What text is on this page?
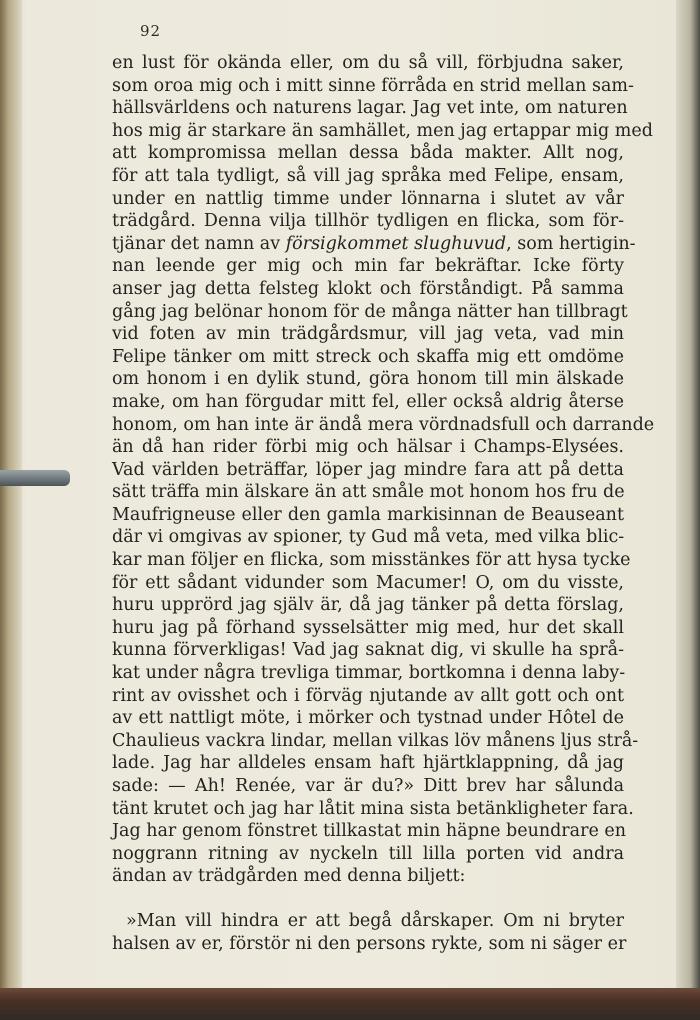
92
en lust för okända eller, om du så vill, förbjudna saker,
som oroa mig och i mitt sinne förråda en strid mellan sam-
hällsvärldens och naturens lagar. Jag vet inte, om naturen
hos mig är starkare än samhället, men jag ertappar mig med
att kompromissa mellan dessa båda makter. Allt nog,
för att tala tydligt, så vill jag språka med Felipe, ensam,
under en nattlig timme under lönnarna i slutet av vår
trädgård. Denna vilja tillhör tydligen en flicka, som för-
tjänar det namn av försigkommet slughuvud, som hertigin-
nan leende ger mig och min far bekräftar. Icke förty
anser jag detta felsteg klokt och förståndigt. På samma
gång jag belönar honom för de många nätter han tillbragt
vid foten av min trädgårdsmur, vill jag veta, vad min
Felipe tänker om mitt streck och skaffa mig ett omdöme
om honom i en dylik stund, göra honom till min älskade
make, om han förgudar mitt fel, eller också aldrig återse
honom, om han inte är ändå mera vördnadsfull och darrande
än då han rider förbi mig och hälsar i Champs-Elysées.
Vad världen beträffar, löper jag mindre fara att på detta
sätt träffa min älskare än att småle mot honom hos fru de
Maufrigneuse eller den gamla markisinnan de Beauseant
där vi omgivas av spioner, ty Gud må veta, med vilka blic-
kar man följer en flicka, som misstänkes för att hysa tycke
för ett sådant vidunder som Macumer! O, om du visste,
huru upprörd jag själv är, då jag tänker på detta förslag,
huru jag på förhand sysselsätter mig med, hur det skall
kunna förverkligas! Vad jag saknat dig, vi skulle ha språ-
kat under några trevliga timmar, bortkomna i denna laby-
rint av ovisshet och i förväg njutande av allt gott och ont
av ett nattligt möte, i mörker och tystnad under Hôtel de
Chaulieus vackra lindar, mellan vilkas löv månens ljus strå-
lade. Jag har alldeles ensam haft hjärtklappning, då jag
sade: — Ah! Renée, var är du?» Ditt brev har sålunda
tänt krutet och jag har låtit mina sista betänkligheter fara.
Jag har genom fönstret tillkastat min häpne beundrare en
noggrann ritning av nyckeln till lilla porten vid andra
ändan av trädgården med denna biljett:
»Man vill hindra er att begå dårskaper. Om ni bryter
halsen av er, förstör ni den persons rykte, som ni säger er
